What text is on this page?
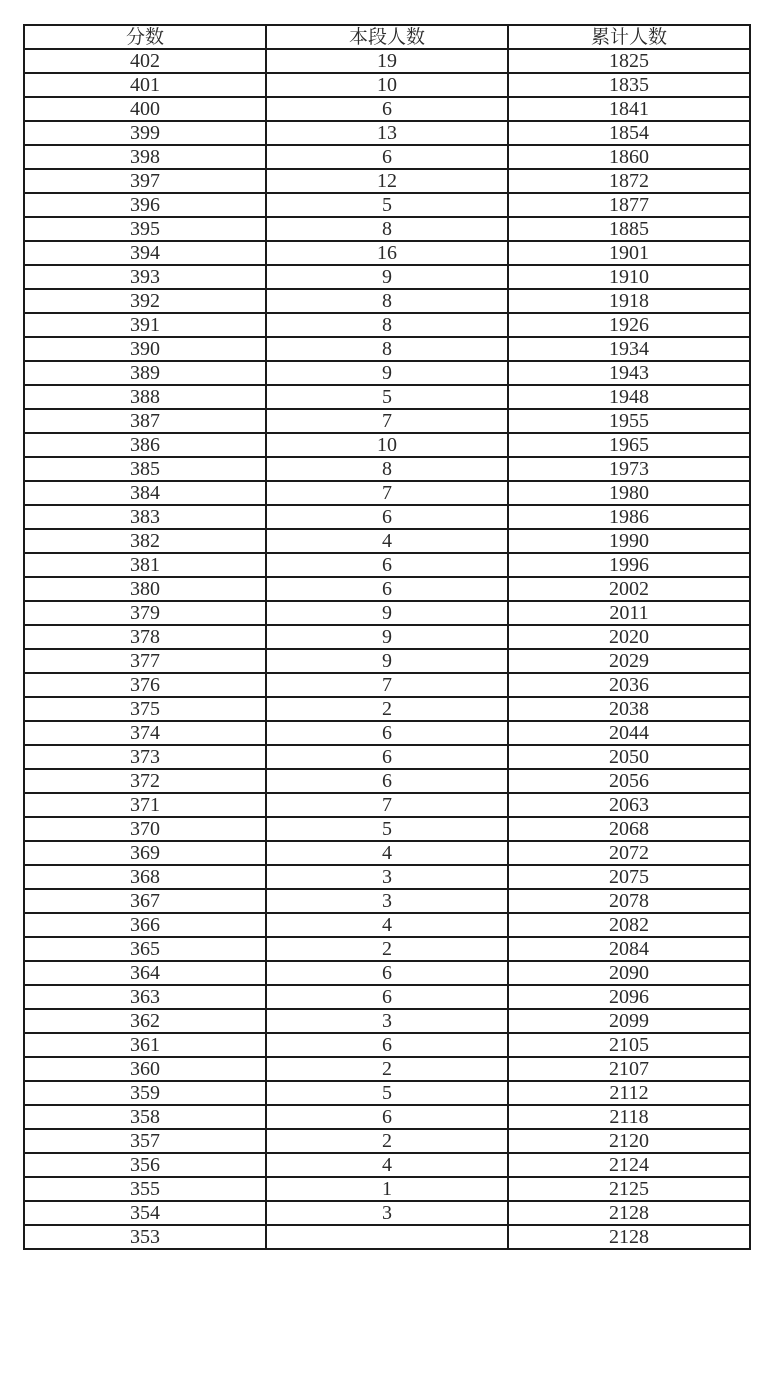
分数	本段人数	累计人数
402	19	1825
401	10	1835
400	6	1841
399	13	1854
398	6	1860
397	12	1872
396	5	1877
395	8	1885
394	16	1901
393	9	1910
392	8	1918
391	8	1926
390	8	1934
389	9	1943
388	5	1948
387	7	1955
386	10	1965
385	8	1973
384	7	1980
383	6	1986
382	4	1990
381	6	1996
380	6	2002
379	9	2011
378	9	2020
377	9	2029
376	7	2036
375	2	2038
374	6	2044
373	6	2050
372	6	2056
371	7	2063
370	5	2068
369	4	2072
368	3	2075
367	3	2078
366	4	2082
365	2	2084
364	6	2090
363	6	2096
362	3	2099
361	6	2105
360	2	2107
359	5	2112
358	6	2118
357	2	2120
356	4	2124
355	1	2125
354	3	2128
353		2128
